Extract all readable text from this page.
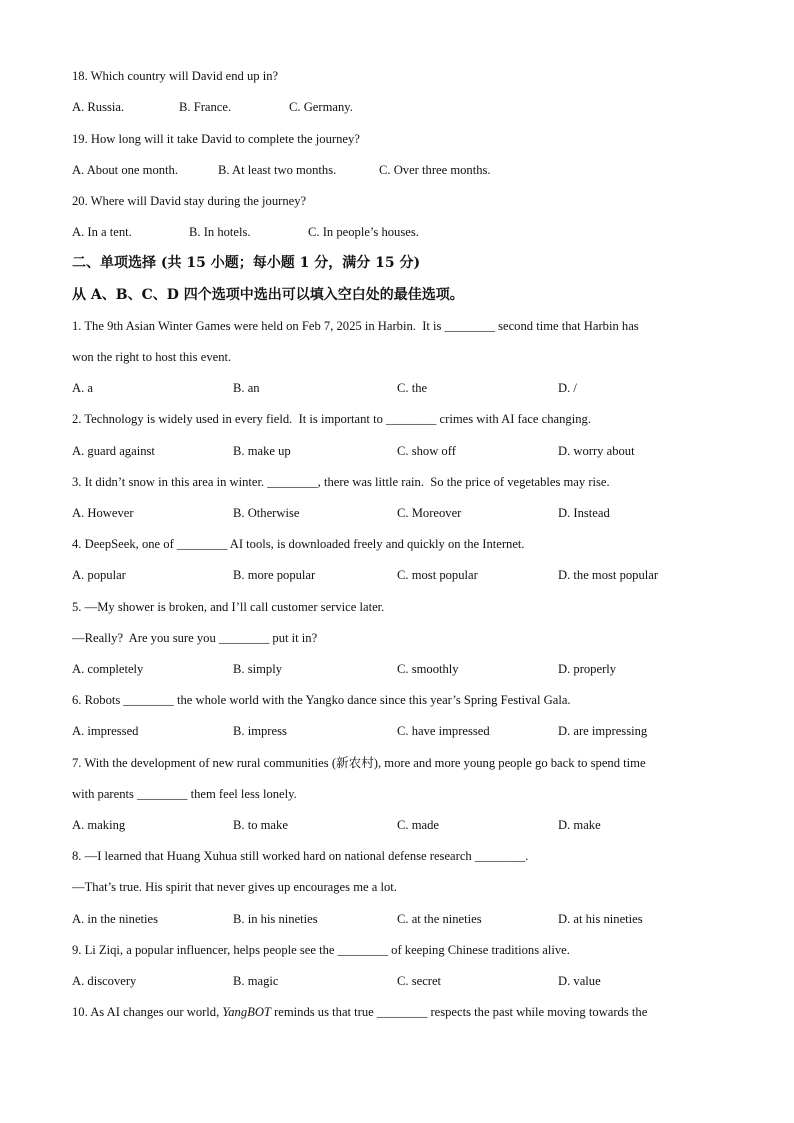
18. Which country will David end up in?
A. Russia.	B. France.	C. Germany.
19. How long will it take David to complete the journey?
A. About one month.	B. At least two months.	C. Over three months.
20. Where will David stay during the journey?
A. In a tent.	B. In hotels.	C. In people’s houses.
二、单项选择 (共 15 小题；每小题 1 分，满分 15 分)
从 A、B、C、D 四个选项中选出可以填入空白处的最佳选项。
1. The 9th Asian Winter Games were held on Feb 7, 2025 in Harbin.  It is ________ second time that Harbin has
won the right to host this event.
A. a	B. an	C. the	D. /
2. Technology is widely used in every field.  It is important to ________ crimes with AI face changing.
A. guard against	B. make up	C. show off	D. worry about
3. It didn’t snow in this area in winter. ________, there was little rain.  So the price of vegetables may rise.
A. However	B. Otherwise	C. Moreover	D. Instead
4. DeepSeek, one of ________ AI tools, is downloaded freely and quickly on the Internet.
A. popular	B. more popular	C. most popular	D. the most popular
5. —My shower is broken, and I’ll call customer service later.
—Really?  Are you sure you ________ put it in?
A. completely	B. simply	C. smoothly	D. properly
6. Robots ________ the whole world with the Yangko dance since this year’s Spring Festival Gala.
A. impressed	B. impress	C. have impressed	D. are impressing
7. With the development of new rural communities (新农村), more and more young people go back to spend time
with parents ________ them feel less lonely.
A. making	B. to make	C. made	D. make
8. —I learned that Huang Xuhua still worked hard on national defense research ________.
—That’s true. His spirit that never gives up encourages me a lot.
A. in the nineties	B. in his nineties	C. at the nineties	D. at his nineties
9. Li Ziqi, a popular influencer, helps people see the ________ of keeping Chinese traditions alive.
A. discovery	B. magic	C. secret	D. value
10. As AI changes our world, YangBOT reminds us that true ________ respects the past while moving towards the
